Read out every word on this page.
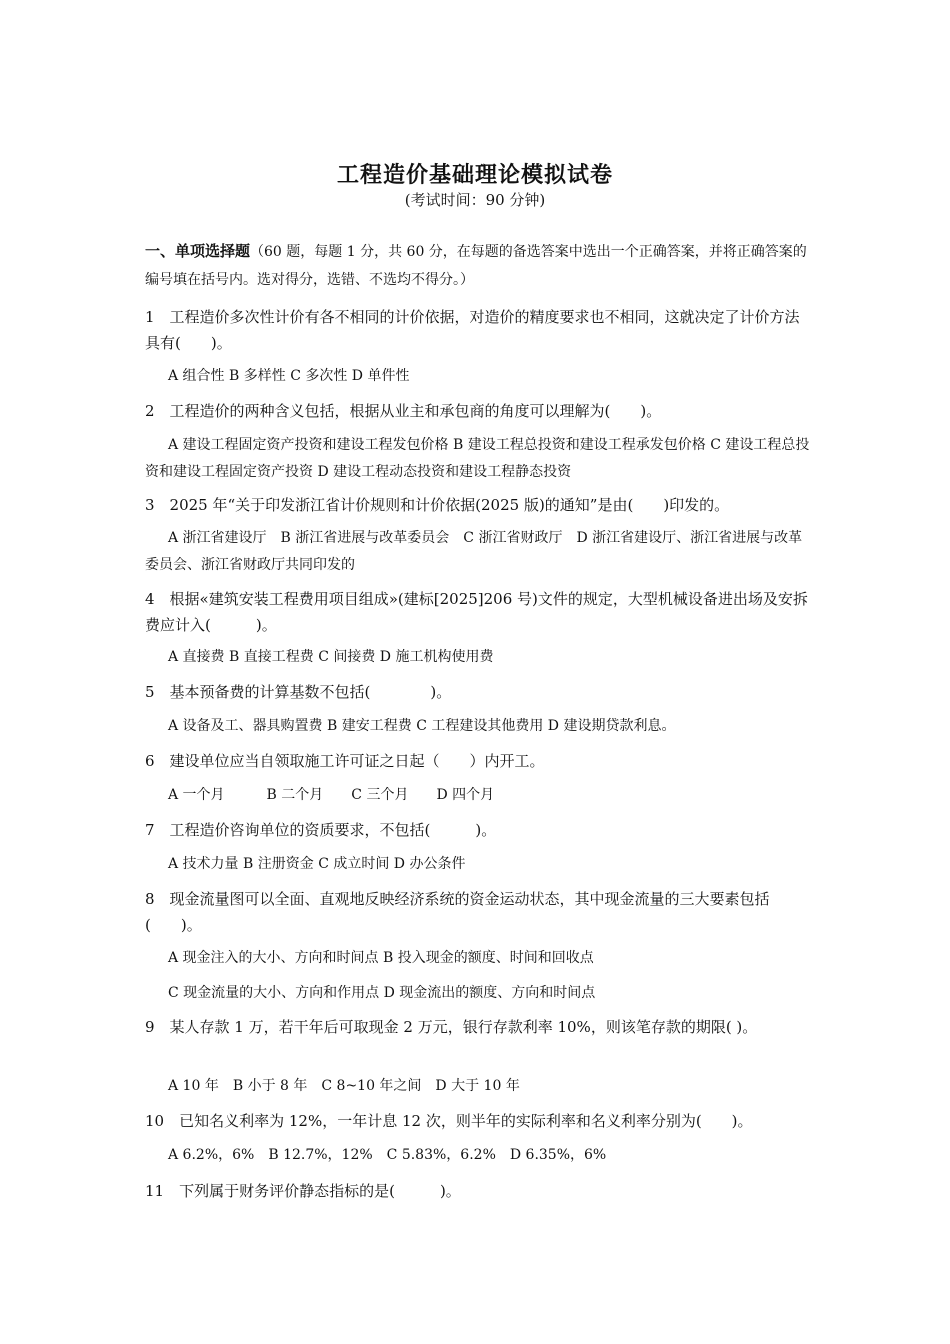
工程造价基础理论模拟试卷
(考试时间：90 分钟)
一、单项选择题（60 题，每题 1 分，共 60 分，在每题的备选答案中选出一个正确答案，并将正确答案的编号填在括号内。选对得分，选错、不选均不得分。）
1　工程造价多次性计价有各不相同的计价依据，对造价的精度要求也不相同，这就决定了计价方法具有(　　)。
A 组合性 B 多样性 C 多次性 D 单件性
2　工程造价的两种含义包括，根据从业主和承包商的角度可以理解为(　　)。
A 建设工程固定资产投资和建设工程发包价格 B 建设工程总投资和建设工程承发包价格 C 建设工程总投资和建设工程固定资产投资 D 建设工程动态投资和建设工程静态投资
3　2025 年“关于印发浙江省计价规则和计价依据(2025 版)的通知”是由(　　)印发的。
A 浙江省建设厅　B 浙江省进展与改革委员会　C 浙江省财政厅　D 浙江省建设厅、浙江省进展与改革委员会、浙江省财政厅共同印发的
4　根据«建筑安装工程费用项目组成»(建标[2025]206 号)文件的规定，大型机械设备进出场及安拆费应计入(　　　)。
A 直接费 B 直接工程费 C 间接费 D 施工机构使用费
5　基本预备费的计算基数不包括(　　　　)。
A 设备及工、器具购置费 B 建安工程费 C 工程建设其他费用 D 建设期贷款利息。
6　建设单位应当自领取施工许可证之日起（　　）内开工。
A 一个月　　　B 二个月　　C 三个月　　D 四个月
7　工程造价咨询单位的资质要求，不包括(　　　)。
A 技术力量 B 注册资金 C 成立时间 D 办公条件
8　现金流量图可以全面、直观地反映经济系统的资金运动状态，其中现金流量的三大要素包括(　　)。
A 现金注入的大小、方向和时间点 B 投入现金的额度、时间和回收点
C 现金流量的大小、方向和作用点 D 现金流出的额度、方向和时间点
9　某人存款 1 万，若干年后可取现金 2 万元，银行存款利率 10%，则该笔存款的期限( )。
A 10 年　B 小于 8 年　C 8~10 年之间　D 大于 10 年
10　已知名义利率为 12%，一年计息 12 次，则半年的实际利率和名义利率分别为(　　)。
A 6.2%，6%　B 12.7%，12%　C 5.83%，6.2%　D 6.35%，6%
11　下列属于财务评价静态指标的是(　　　)。
